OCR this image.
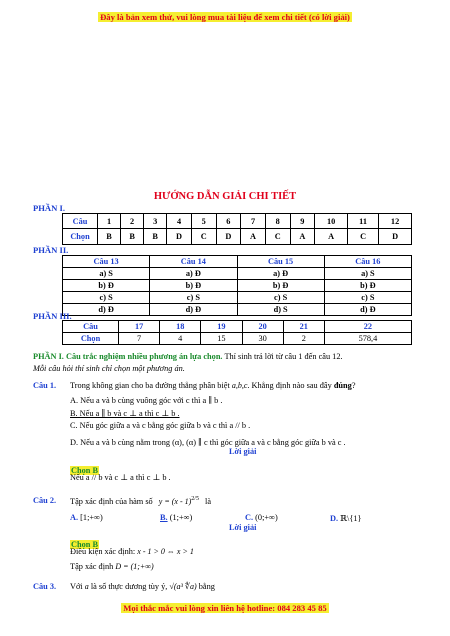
Đây là bản xem thử, vui lòng mua tài liệu để xem chi tiết (có lời giải)
HƯỚNG DẪN GIẢI CHI TIẾT
PHẦN I.
Câu	1	2	3	4	5	6	7	8	9	10	11	12
Chọn	B	B	B	D	C	D	A	C	A	A	C	D
PHẦN II.
Câu 13	Câu 14	Câu 15	Câu 16
a) S	a) Đ	a) Đ	a) S
b) Đ	b) Đ	b) Đ	b) Đ
c) S	c) S	c) S	c) S
d) Đ	d) Đ	d) S	d) Đ
PHẦN III.
Câu	17	18	19	20	21	22
Chọn	7	4	15	30	2	578,4
PHẦN I. Câu trắc nghiệm nhiều phương án lựa chọn. Thí sinh trả lời từ câu 1 đến câu 12.
Mỗi câu hỏi thí sinh chỉ chọn một phương án.
Câu 1. Trong không gian cho ba đường thẳng phân biệt a,b,c. Khẳng định nào sau đây đúng?
A. Nếu a và b cùng vuông góc với c thì a ∥ b .
B. Nếu a ∥ b và c ⊥ a thì c ⊥ b .
C. Nếu góc giữa a và c bằng góc giữa b và c thì a // b .
D. Nếu a và b cùng nằm trong (α), (α) ∥ c thì góc giữa a và c bằng góc giữa b và c .
Lời giải
Chọn B
Nếu a // b và c ⊥ a thì c ⊥ b .
Câu 2. Tập xác định của hàm số y = (x - 1)$^{2/5}$ là
A. [1;+∞)	B. (1;+∞)	C. (0;+∞)	D. ℝ\{1}
Lời giải
Chọn B
Điều kiện xác định: x - 1 > 0 ⇔ x > 1
Tập xác định D = (1;+∞)
Câu 3. Với a là số thực dương tùy ý, √(a³ ∜a) bằng
Mọi thắc mắc vui lòng xin liên hệ hotline: 084 283 45 85
